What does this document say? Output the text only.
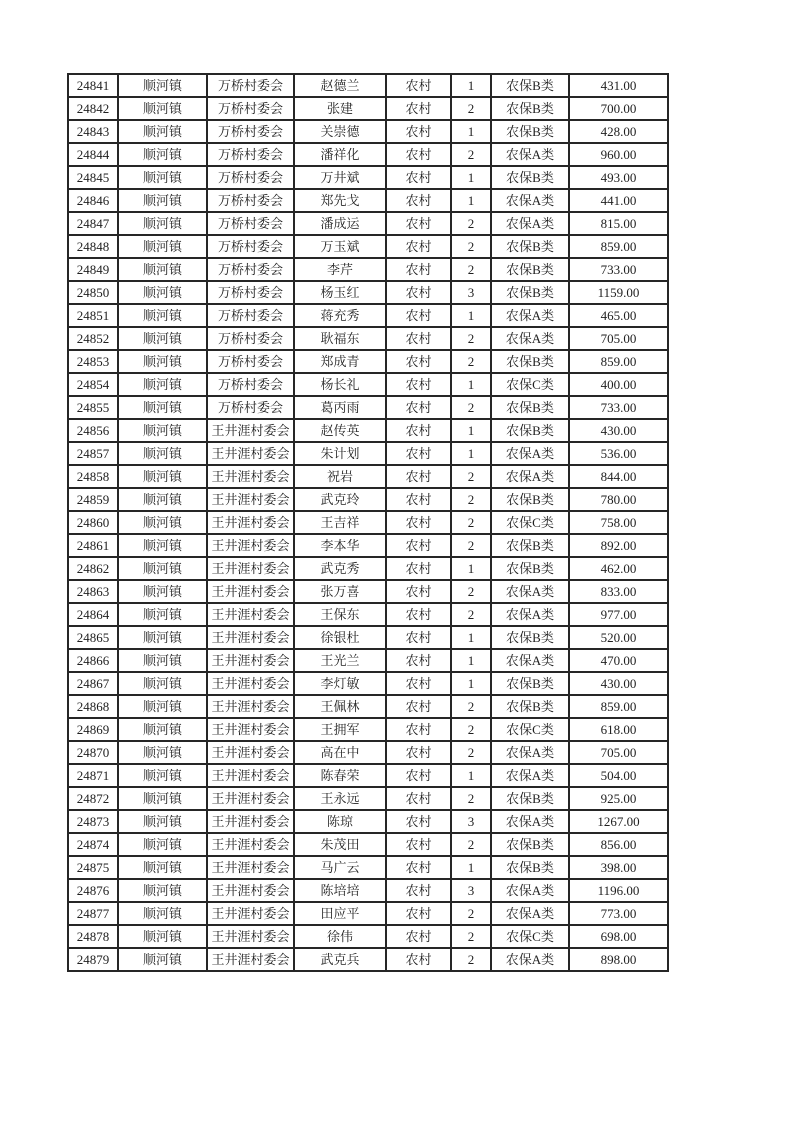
24841	顺河镇	万桥村委会	赵德兰	农村	1	农保B类	431.00
24842	顺河镇	万桥村委会	张建	农村	2	农保B类	700.00
24843	顺河镇	万桥村委会	关崇德	农村	1	农保B类	428.00
24844	顺河镇	万桥村委会	潘祥化	农村	2	农保A类	960.00
24845	顺河镇	万桥村委会	万井斌	农村	1	农保B类	493.00
24846	顺河镇	万桥村委会	郑先戈	农村	1	农保A类	441.00
24847	顺河镇	万桥村委会	潘成运	农村	2	农保A类	815.00
24848	顺河镇	万桥村委会	万玉斌	农村	2	农保B类	859.00
24849	顺河镇	万桥村委会	李芹	农村	2	农保B类	733.00
24850	顺河镇	万桥村委会	杨玉红	农村	3	农保B类	1159.00
24851	顺河镇	万桥村委会	蒋充秀	农村	1	农保A类	465.00
24852	顺河镇	万桥村委会	耿福东	农村	2	农保A类	705.00
24853	顺河镇	万桥村委会	郑成青	农村	2	农保B类	859.00
24854	顺河镇	万桥村委会	杨长礼	农村	1	农保C类	400.00
24855	顺河镇	万桥村委会	葛丙雨	农村	2	农保B类	733.00
24856	顺河镇	王井涯村委会	赵传英	农村	1	农保B类	430.00
24857	顺河镇	王井涯村委会	朱计划	农村	1	农保A类	536.00
24858	顺河镇	王井涯村委会	祝岩	农村	2	农保A类	844.00
24859	顺河镇	王井涯村委会	武克玲	农村	2	农保B类	780.00
24860	顺河镇	王井涯村委会	王吉祥	农村	2	农保C类	758.00
24861	顺河镇	王井涯村委会	李本华	农村	2	农保B类	892.00
24862	顺河镇	王井涯村委会	武克秀	农村	1	农保B类	462.00
24863	顺河镇	王井涯村委会	张万喜	农村	2	农保A类	833.00
24864	顺河镇	王井涯村委会	王保东	农村	2	农保A类	977.00
24865	顺河镇	王井涯村委会	徐银杜	农村	1	农保B类	520.00
24866	顺河镇	王井涯村委会	王光兰	农村	1	农保A类	470.00
24867	顺河镇	王井涯村委会	李灯敏	农村	1	农保B类	430.00
24868	顺河镇	王井涯村委会	王佩林	农村	2	农保B类	859.00
24869	顺河镇	王井涯村委会	王拥军	农村	2	农保C类	618.00
24870	顺河镇	王井涯村委会	高在中	农村	2	农保A类	705.00
24871	顺河镇	王井涯村委会	陈春荣	农村	1	农保A类	504.00
24872	顺河镇	王井涯村委会	王永远	农村	2	农保B类	925.00
24873	顺河镇	王井涯村委会	陈琼	农村	3	农保A类	1267.00
24874	顺河镇	王井涯村委会	朱茂田	农村	2	农保B类	856.00
24875	顺河镇	王井涯村委会	马广云	农村	1	农保B类	398.00
24876	顺河镇	王井涯村委会	陈培培	农村	3	农保A类	1196.00
24877	顺河镇	王井涯村委会	田应平	农村	2	农保A类	773.00
24878	顺河镇	王井涯村委会	徐伟	农村	2	农保C类	698.00
24879	顺河镇	王井涯村委会	武克兵	农村	2	农保A类	898.00
